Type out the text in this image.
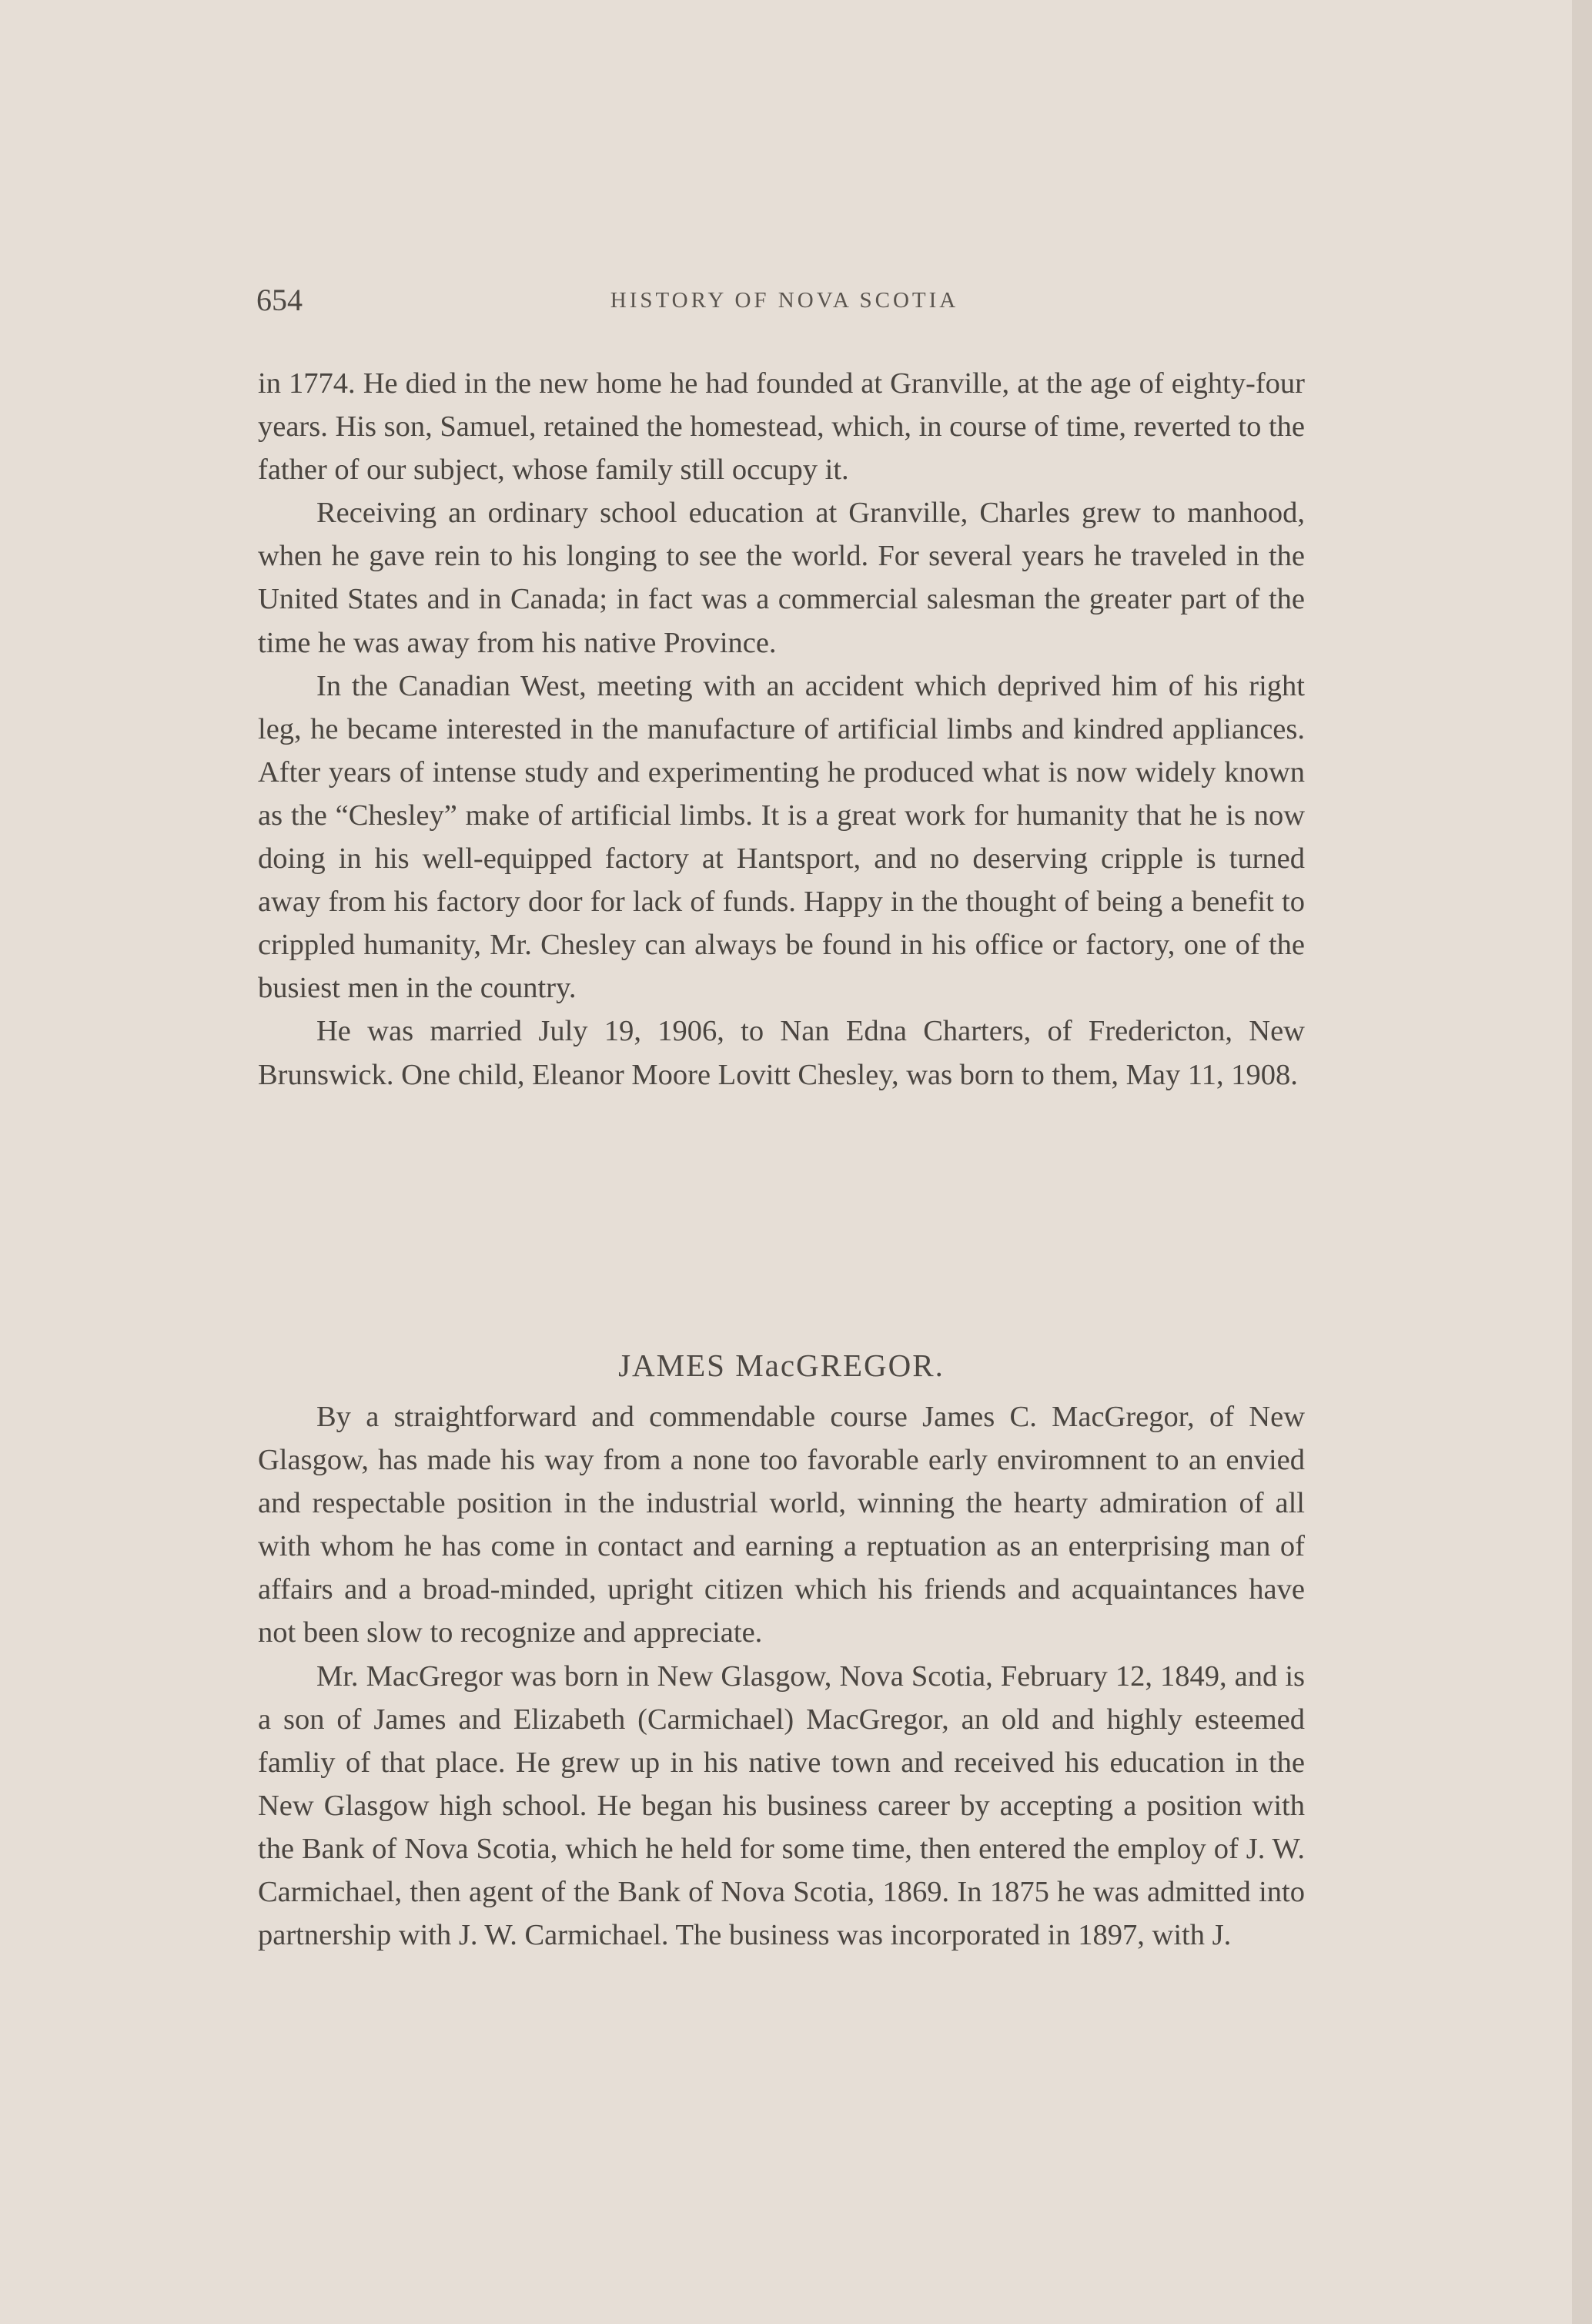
654	HISTORY OF NOVA SCOTIA

in 1774. He died in the new home he had founded at Granville, at the age of eighty-four years. His son, Samuel, retained the homestead, which, in course of time, reverted to the father of our subject, whose family still occupy it.

Receiving an ordinary school education at Granville, Charles grew to manhood, when he gave rein to his longing to see the world. For several years he traveled in the United States and in Canada; in fact was a commercial salesman the greater part of the time he was away from his native Province.

In the Canadian West, meeting with an accident which deprived him of his right leg, he became interested in the manufacture of artificial limbs and kindred appliances. After years of intense study and experimenting he produced what is now widely known as the “Chesley” make of artificial limbs. It is a great work for humanity that he is now doing in his well-equipped factory at Hantsport, and no deserving cripple is turned away from his factory door for lack of funds. Happy in the thought of being a benefit to crippled humanity, Mr. Chesley can always be found in his office or factory, one of the busiest men in the country.

He was married July 19, 1906, to Nan Edna Charters, of Fredericton, New Brunswick. One child, Eleanor Moore Lovitt Chesley, was born to them, May 11, 1908.

JAMES MacGREGOR.

By a straightforward and commendable course James C. MacGregor, of New Glasgow, has made his way from a none too favorable early enviromnent to an envied and respectable position in the industrial world, winning the hearty admiration of all with whom he has come in contact and earning a reptuation as an enterprising man of affairs and a broad-minded, upright citizen which his friends and acquaintances have not been slow to recognize and appreciate.

Mr. MacGregor was born in New Glasgow, Nova Scotia, February 12, 1849, and is a son of James and Elizabeth (Carmichael) MacGregor, an old and highly esteemed famliy of that place. He grew up in his native town and received his education in the New Glasgow high school. He began his business career by accepting a position with the Bank of Nova Scotia, which he held for some time, then entered the employ of J. W. Carmichael, then agent of the Bank of Nova Scotia, 1869. In 1875 he was admitted into partnership with J. W. Carmichael. The business was incorporated in 1897, with J.
